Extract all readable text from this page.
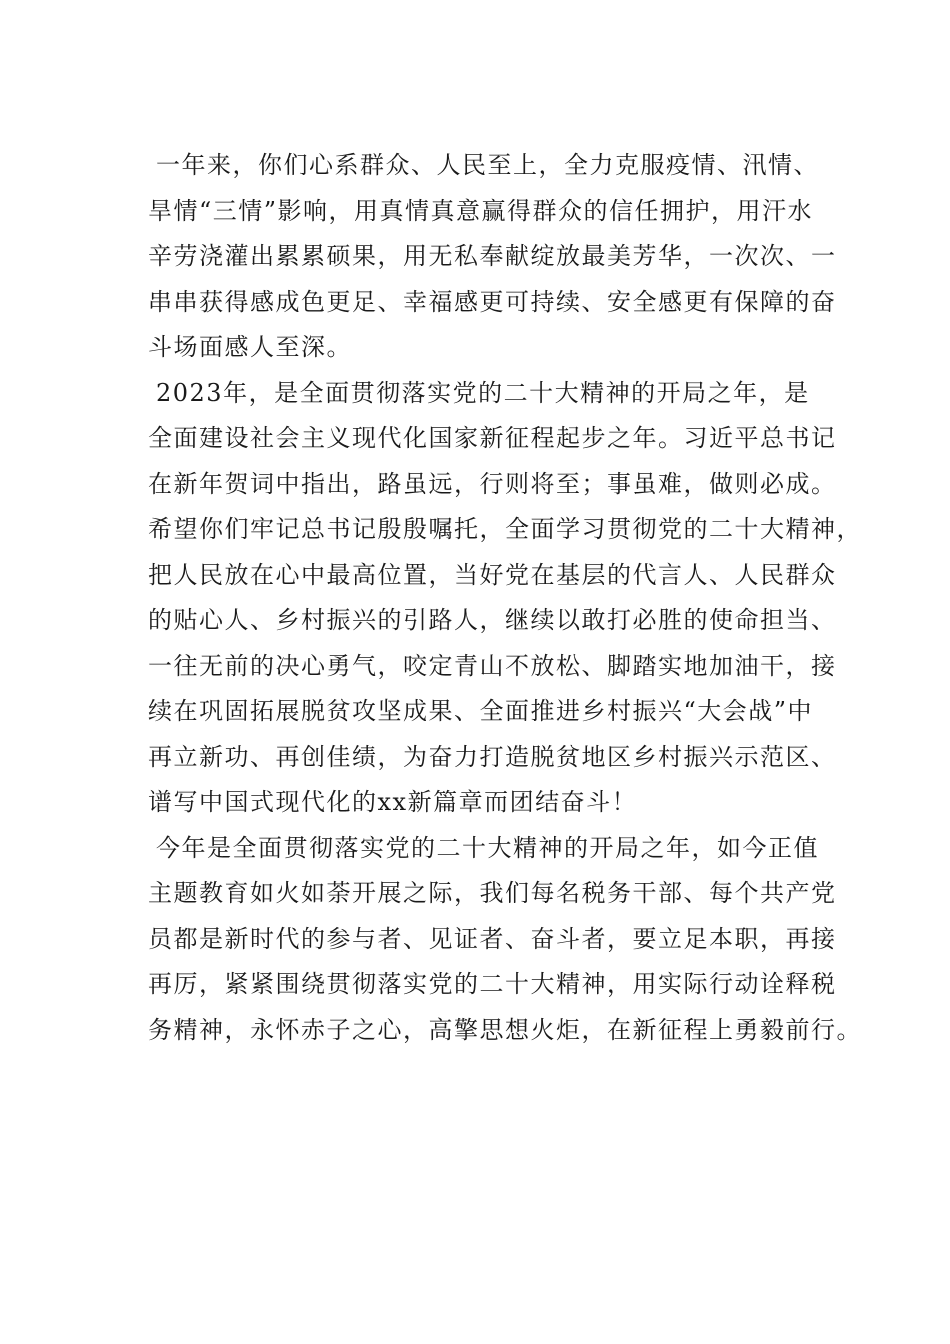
一年来，你们心系群众、人民至上，全力克服疫情、汛情、
旱情“三情”影响，用真情真意赢得群众的信任拥护，用汗水
辛劳浇灌出累累硕果，用无私奉献绽放最美芳华，一次次、一
串串获得感成色更足、幸福感更可持续、安全感更有保障的奋
斗场面感人至深。
2023年，是全面贯彻落实党的二十大精神的开局之年，是
全面建设社会主义现代化国家新征程起步之年。习近平总书记
在新年贺词中指出，路虽远，行则将至；事虽难，做则必成。
希望你们牢记总书记殷殷嘱托，全面学习贯彻党的二十大精神，
把人民放在心中最高位置，当好党在基层的代言人、人民群众
的贴心人、乡村振兴的引路人，继续以敢打必胜的使命担当、
一往无前的决心勇气，咬定青山不放松、脚踏实地加油干，接
续在巩固拓展脱贫攻坚成果、全面推进乡村振兴“大会战”中
再立新功、再创佳绩，为奋力打造脱贫地区乡村振兴示范区、
谱写中国式现代化的xx新篇章而团结奋斗！
今年是全面贯彻落实党的二十大精神的开局之年，如今正值
主题教育如火如荼开展之际，我们每名税务干部、每个共产党
员都是新时代的参与者、见证者、奋斗者，要立足本职，再接
再厉，紧紧围绕贯彻落实党的二十大精神，用实际行动诠释税
务精神，永怀赤子之心，高擎思想火炬，在新征程上勇毅前行。
